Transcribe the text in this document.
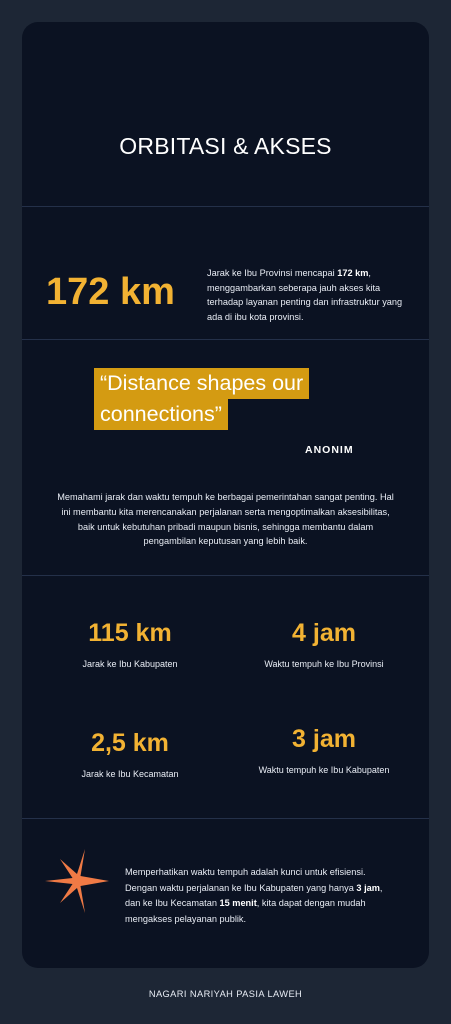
ORBITASI & AKSES
172 km	Jarak ke Ibu Provinsi mencapai 172 km, menggambarkan seberapa jauh akses kita terhadap layanan penting dan infrastruktur yang ada di ibu kota provinsi.
“Distance shapes our
connections”
ANONIM
Memahami jarak dan waktu tempuh ke berbagai pemerintahan sangat penting. Hal ini membantu kita merencanakan perjalanan serta mengoptimalkan aksesibilitas, baik untuk kebutuhan pribadi maupun bisnis, sehingga membantu dalam pengambilan keputusan yang lebih baik.
115 km
Jarak ke Ibu Kabupaten
4 jam
Waktu tempuh ke Ibu Provinsi
2,5 km
Jarak ke Ibu Kecamatan
3 jam
Waktu tempuh ke Ibu Kabupaten
Memperhatikan waktu tempuh adalah kunci untuk efisiensi. Dengan waktu perjalanan ke Ibu Kabupaten yang hanya 3 jam, dan ke Ibu Kecamatan 15 menit, kita dapat dengan mudah mengakses pelayanan publik.
NAGARI NARIYAH PASIA LAWEH
